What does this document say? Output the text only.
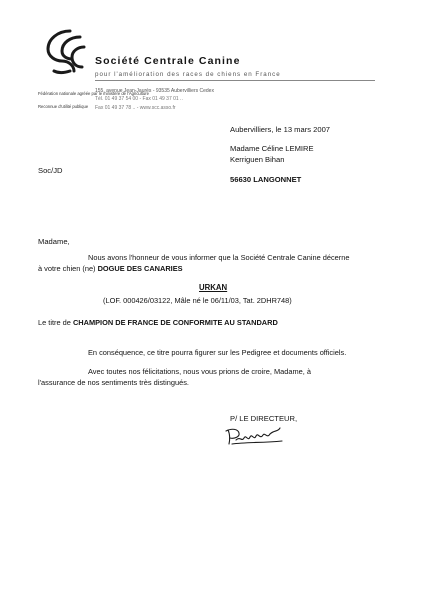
Société Centrale Canine
pour l'amélioration des races de chiens en France
Fédération nationale agréée par le ministère de l'Agriculture
Reconnue d'utilité publique
155, avenue Jean-Jaurès - 93535 Aubervilliers Cedex
Tél. 01 49 37 54 00 - Fax 01 49 37 01 ..
Fax 01 49 37 78 .. - www.scc.asso.fr
Aubervilliers, le 13 mars 2007
Madame Céline LEMIRE
Kerriguen Bihan
Soc/JD
56630 LANGONNET
Madame,
Nous avons l'honneur de vous informer que la Société Centrale Canine décerne
à votre chien (ne) DOGUE DES CANARIES
URKAN
(LOF. 000426/03122, Mâle né le 06/11/03, Tat. 2DHR748)
Le titre de CHAMPION DE FRANCE DE CONFORMITE AU STANDARD
En conséquence, ce titre pourra figurer sur les Pedigree et documents officiels.
Avec toutes nos félicitations, nous vous prions de croire, Madame, à
l'assurance de nos sentiments très distingués.
P/ LE DIRECTEUR,
